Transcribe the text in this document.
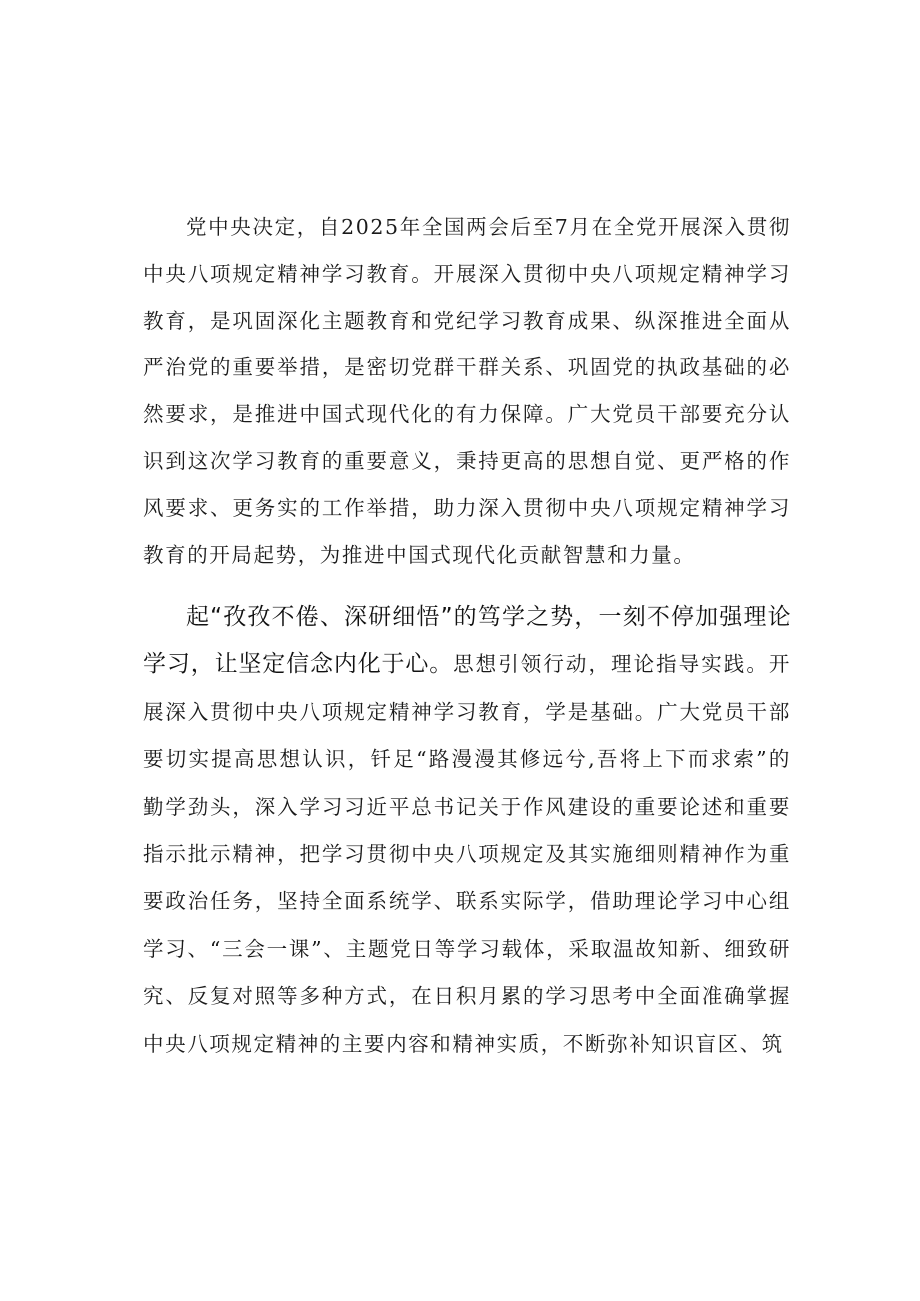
党中央决定，自2025年全国两会后至7月在全党开展深入贯彻中央八项规定精神学习教育。开展深入贯彻中央八项规定精神学习教育，是巩固深化主题教育和党纪学习教育成果、纵深推进全面从严治党的重要举措，是密切党群干群关系、巩固党的执政基础的必然要求，是推进中国式现代化的有力保障。广大党员干部要充分认识到这次学习教育的重要意义，秉持更高的思想自觉、更严格的作风要求、更务实的工作举措，助力深入贯彻中央八项规定精神学习教育的开局起势，为推进中国式现代化贡献智慧和力量。

起“孜孜不倦、深研细悟”的笃学之势，一刻不停加强理论学习，让坚定信念内化于心。思想引领行动，理论指导实践。开展深入贯彻中央八项规定精神学习教育，学是基础。广大党员干部要切实提高思想认识，钎足“路漫漫其修远兮,吾将上下而求索”的勤学劲头，深入学习习近平总书记关于作风建设的重要论述和重要指示批示精神，把学习贯彻中央八项规定及其实施细则精神作为重要政治任务，坚持全面系统学、联系实际学，借助理论学习中心组学习、“三会一课”、主题党日等学习载体，采取温故知新、细致研究、反复对照等多种方式，在日积月累的学习思考中全面准确掌握中央八项规定精神的主要内容和精神实质，不断弥补知识盲区、筑
